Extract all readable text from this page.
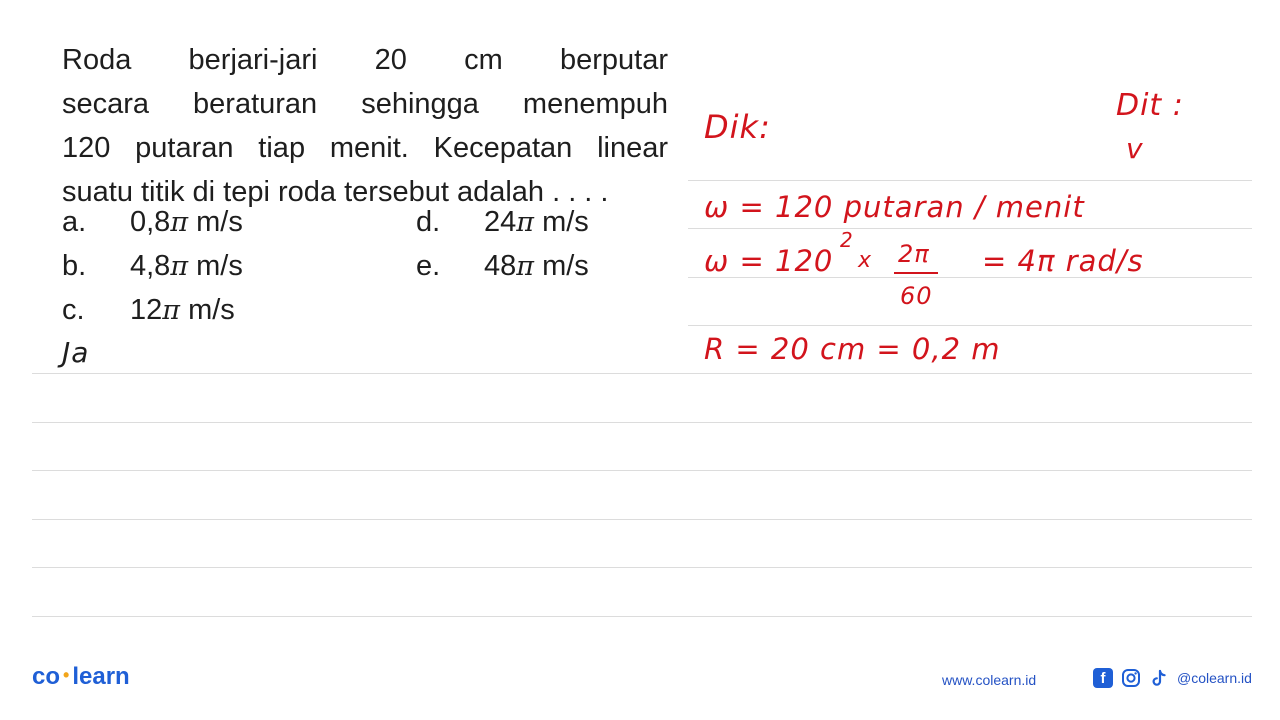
Roda berjari-jari 20 cm berputar
secara beraturan sehingga menempuh
120 putaran tiap menit. Kecepatan linear
suatu titik di tepi roda tersebut adalah . . . .
a. 0,8π m/s
b. 4,8π m/s
c. 12π m/s
d. 24π m/s
e. 48π m/s
Ja
Dik:
Dit :
v
ω = 120 putaran / menit
ω = 120
2
x 2π
60
= 4π rad/s
R = 20 cm = 0,2 m
co • learn	www.colearn.id	f	@colearn.id
